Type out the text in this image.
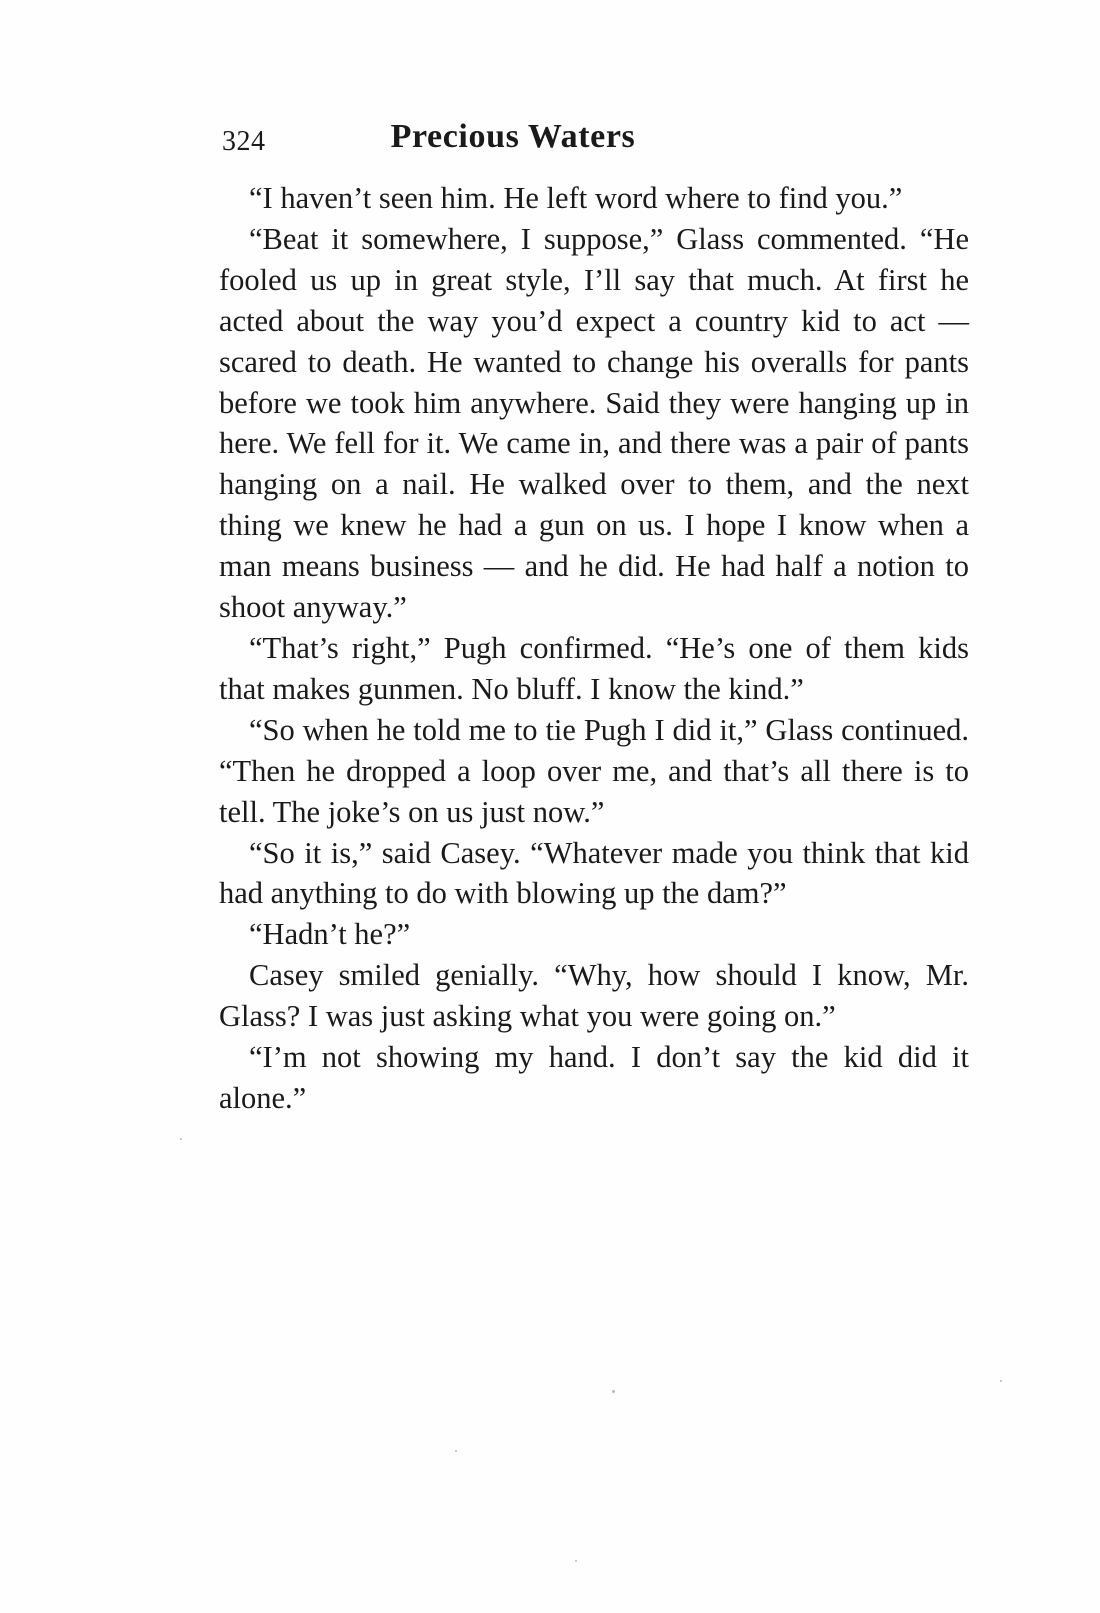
324	Precious Waters

“I haven’t seen him. He left word where to find you.”

“Beat it somewhere, I suppose,” Glass commented. “He fooled us up in great style, I’ll say that much. At first he acted about the way you’d expect a country kid to act — scared to death. He wanted to change his overalls for pants before we took him anywhere. Said they were hanging up in here. We fell for it. We came in, and there was a pair of pants hanging on a nail. He walked over to them, and the next thing we knew he had a gun on us. I hope I know when a man means business — and he did. He had half a notion to shoot anyway.”

“That’s right,” Pugh confirmed. “He’s one of them kids that makes gunmen. No bluff. I know the kind.”

“So when he told me to tie Pugh I did it,” Glass continued. “Then he dropped a loop over me, and that’s all there is to tell. The joke’s on us just now.”

“So it is,” said Casey. “Whatever made you think that kid had anything to do with blowing up the dam?”

“Hadn’t he?”

Casey smiled genially. “Why, how should I know, Mr. Glass? I was just asking what you were going on.”

“I’m not showing my hand. I don’t say the kid did it alone.”
